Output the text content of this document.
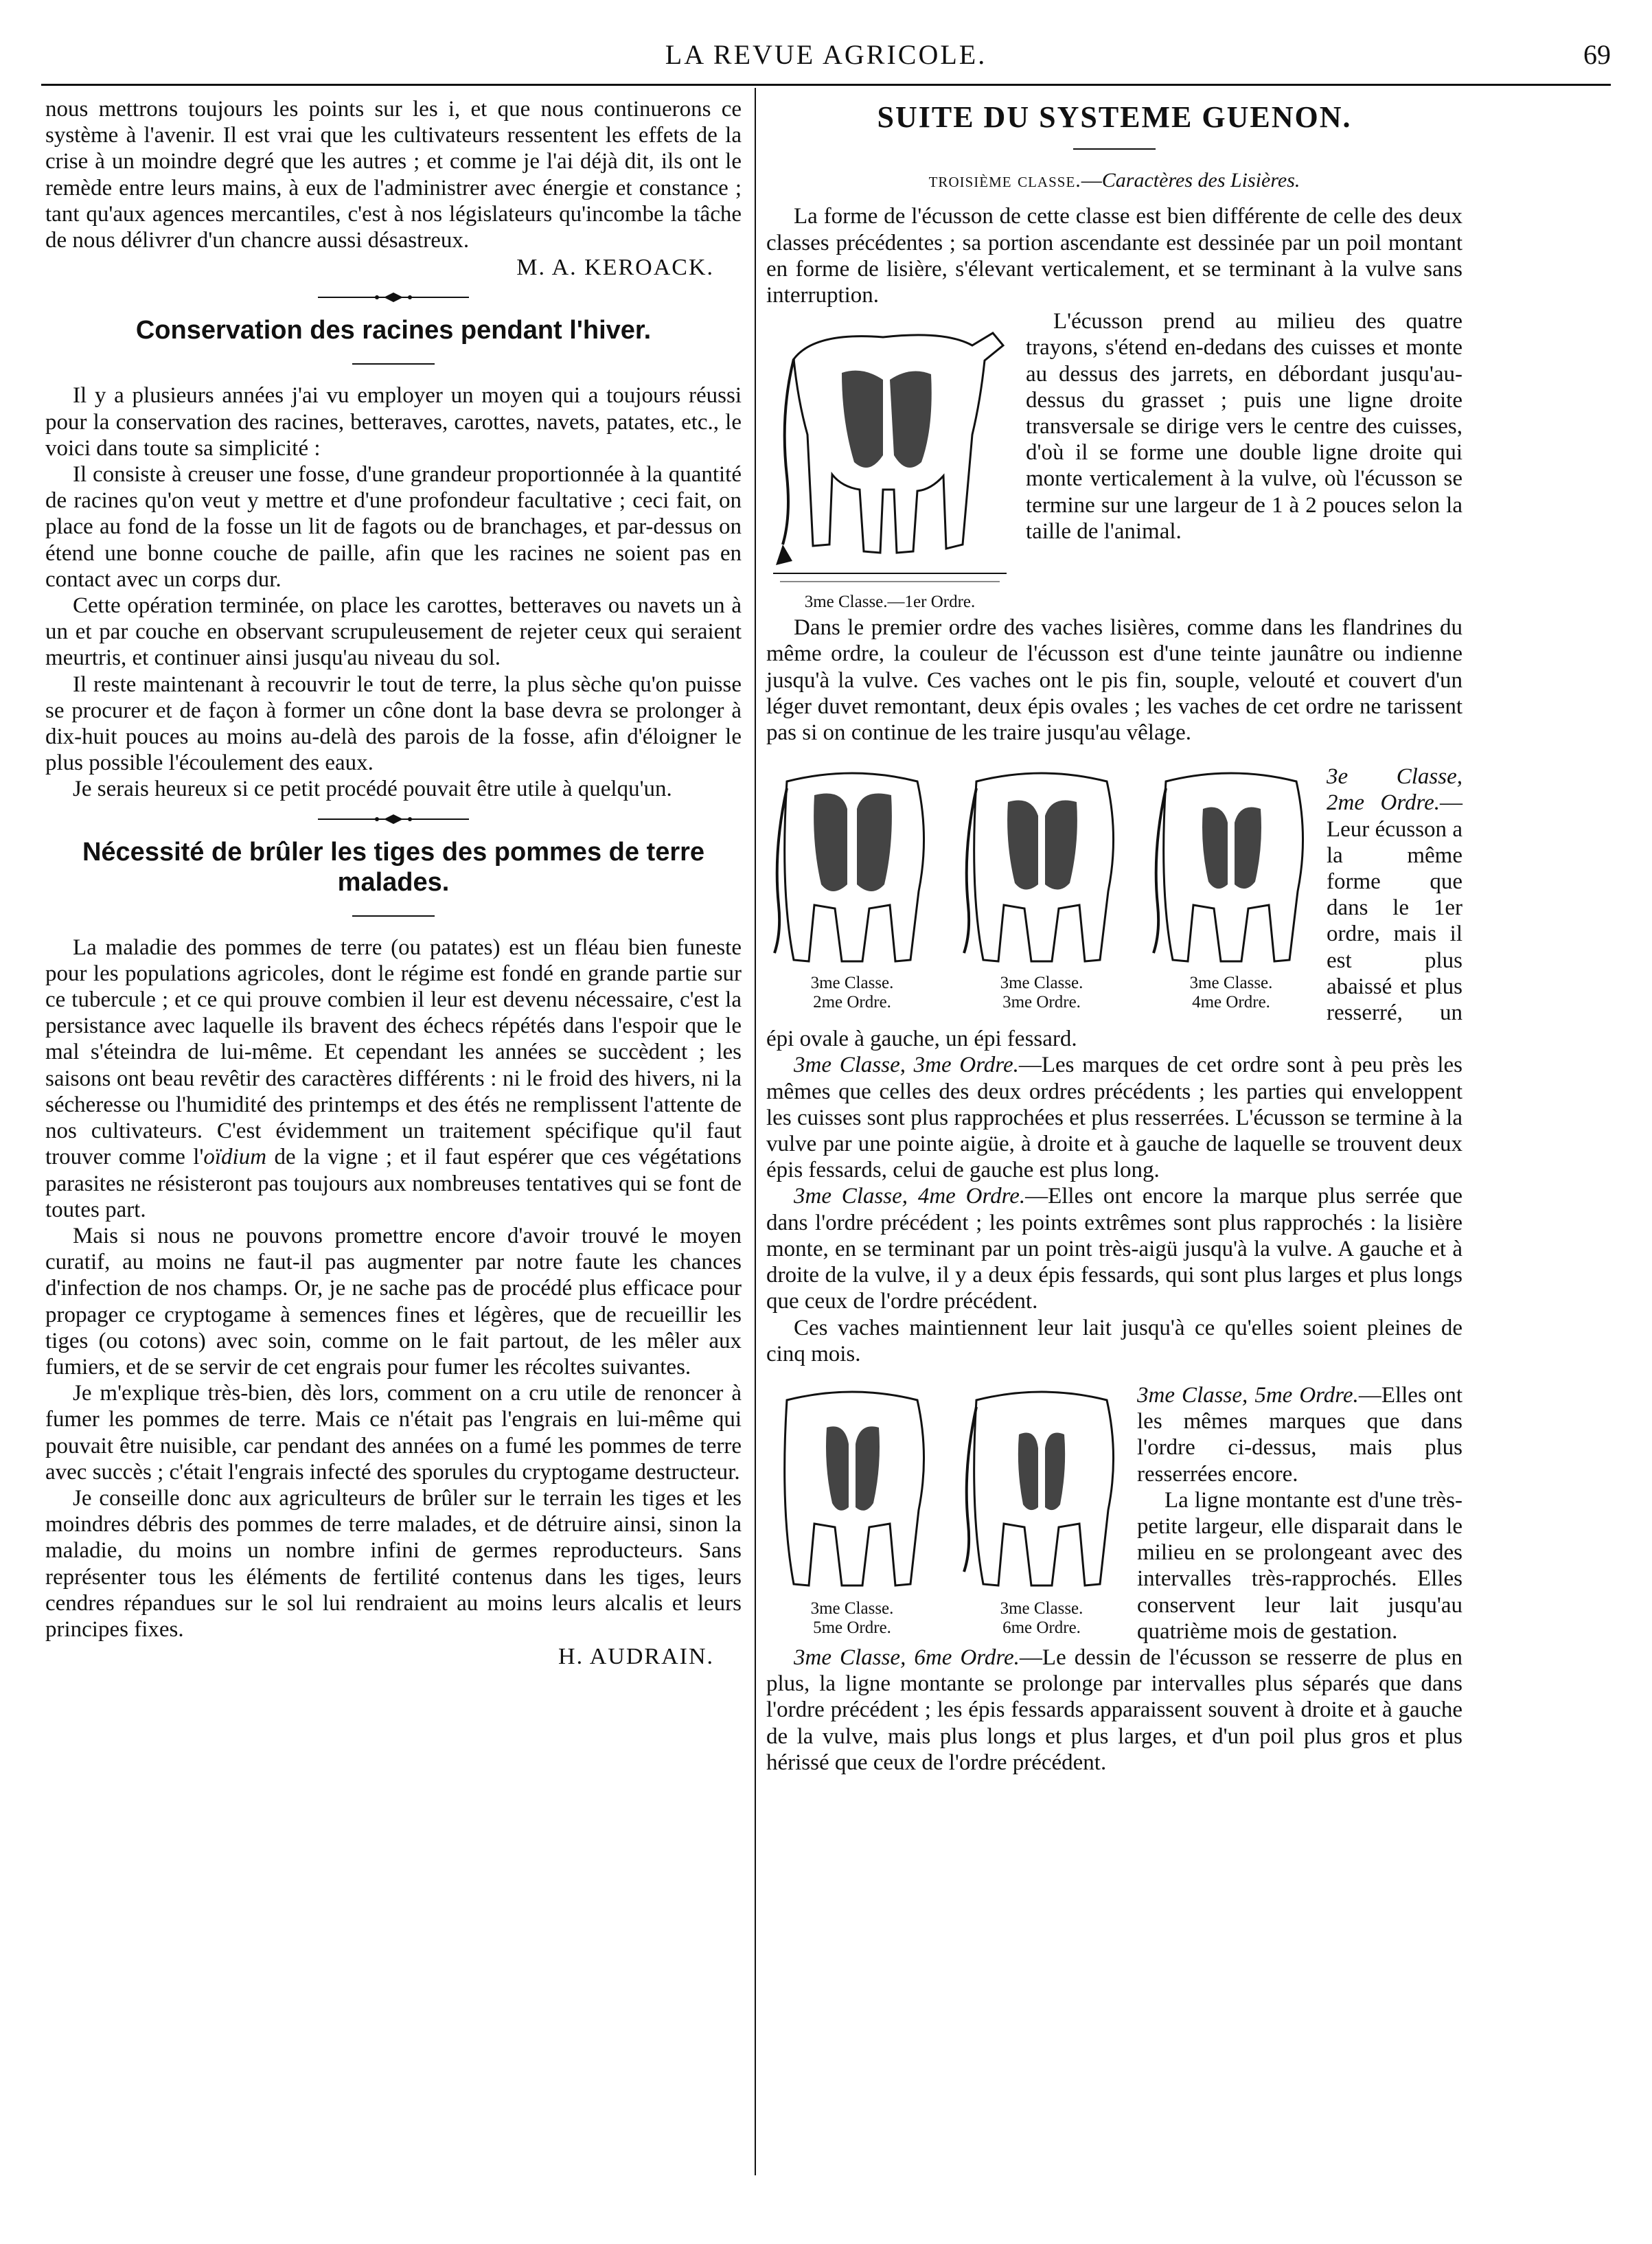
LA REVUE AGRICOLE.	69

nous mettrons toujours les points sur les i, et que nous continuerons ce système à l'avenir. Il est vrai que les cultivateurs ressentent les effets de la crise à un moindre degré que les autres ; et comme je l'ai déjà dit, ils ont le remède entre leurs mains, à eux de l'administrer avec énergie et constance ; tant qu'aux agences mercantiles, c'est à nos législateurs qu'incombe la tâche de nous délivrer d'un chancre aussi désastreux.

M. A. KEROACK.
Conservation des racines pendant l'hiver.

Il y a plusieurs années j'ai vu employer un moyen qui a toujours réussi pour la conservation des racines, betteraves, carottes, navets, patates, etc., le voici dans toute sa simplicité :

Il consiste à creuser une fosse, d'une grandeur proportionnée à la quantité de racines qu'on veut y mettre et d'une profondeur facultative ; ceci fait, on place au fond de la fosse un lit de fagots ou de branchages, et par-dessus on étend une bonne couche de paille, afin que les racines ne soient pas en contact avec un corps dur.

Cette opération terminée, on place les carottes, betteraves ou navets un à un et par couche en observant scrupuleusement de rejeter ceux qui seraient meurtris, et continuer ainsi jusqu'au niveau du sol.

Il reste maintenant à recouvrir le tout de terre, la plus sèche qu'on puisse se procurer et de façon à former un cône dont la base devra se prolonger à dix-huit pouces au moins au-delà des parois de la fosse, afin d'éloigner le plus possible l'écoulement des eaux.

Je serais heureux si ce petit procédé pouvait être utile à quelqu'un.

Nécessité de brûler les tiges des pommes de terre malades.

La maladie des pommes de terre (ou patates) est un fléau bien funeste pour les populations agricoles, dont le régime est fondé en grande partie sur ce tubercule ; et ce qui prouve combien il leur est devenu nécessaire, c'est la persistance avec laquelle ils bravent des échecs répétés dans l'espoir que le mal s'éteindra de lui-même. Et cependant les années se succèdent ; les saisons ont beau revêtir des caractères différents : ni le froid des hivers, ni la sécheresse ou l'humidité des printemps et des étés ne remplissent l'attente de nos cultivateurs. C'est évidemment un traitement spécifique qu'il faut trouver comme l'oïdium de la vigne ; et il faut espérer que ces végétations parasites ne résisteront pas toujours aux nombreuses tentatives qui se font de toutes part.

Mais si nous ne pouvons promettre encore d'avoir trouvé le moyen curatif, au moins ne faut-il pas augmenter par notre faute les chances d'infection de nos champs. Or, je ne sache pas de procédé plus efficace pour propager ce cryptogame à semences fines et légères, que de recueillir les tiges (ou cotons) avec soin, comme on le fait partout, de les mêler aux fumiers, et de se servir de cet engrais pour fumer les récoltes suivantes.

Je m'explique très-bien, dès lors, comment on a cru utile de renoncer à fumer les pommes de terre. Mais ce n'était pas l'engrais en lui-même qui pouvait être nuisible, car pendant des années on a fumé les pommes de terre avec succès ; c'était l'engrais infecté des sporules du cryptogame destructeur.

Je conseille donc aux agriculteurs de brûler sur le terrain les tiges et les moindres débris des pommes de terre malades, et de détruire ainsi, sinon la maladie, du moins un nombre infini de germes reproducteurs. Sans représenter tous les éléments de fertilité contenus dans les tiges, leurs cendres répandues sur le sol lui rendraient au moins leurs alcalis et leurs principes fixes.

H. AUDRAIN.
SUITE DU SYSTEME GUENON.
troisième classe.—Caractères des Lisières.

La forme de l'écusson de cette classe est bien différente de celle des deux classes précédentes ; sa portion ascendante est dessinée par un poil montant en forme de lisière, s'élevant verticalement, et se terminant à la vulve sans interruption.

3me Classe.—1er Ordre.

L'écusson prend au milieu des quatre trayons, s'étend en-dedans des cuisses et monte au dessus des jarrets, en débordant jusqu'au-dessus du grasset ; puis une ligne droite transversale se dirige vers le centre des cuisses, d'où il se forme une double ligne droite qui monte verticalement à la vulve, où l'écusson se termine sur une largeur de 1 à 2 pouces selon la taille de l'animal.

Dans le premier ordre des vaches lisières, comme dans les flandrines du même ordre, la couleur de l'écusson est d'une teinte jaunâtre ou indienne jusqu'à la vulve. Ces vaches ont le pis fin, souple, velouté et couvert d'un léger duvet remontant, deux épis ovales ; les vaches de cet ordre ne tarissent pas si on continue de les traire jusqu'au vêlage.

3me Classe.
2me Ordre.
3me Classe.
3me Ordre.
3me Classe.
4me Ordre.

3e Classe, 2me Ordre.— Leur écusson a la même forme que dans le 1er ordre, mais il est plus abaissé et plus resserré, un épi ovale à gauche, un épi fessard.

3me Classe, 3me Ordre.—Les marques de cet ordre sont à peu près les mêmes que celles des deux ordres précédents ; les parties qui enveloppent les cuisses sont plus rapprochées et plus resserrées. L'écusson se termine à la vulve par une pointe aigüe, à droite et à gauche de laquelle se trouvent deux épis fessards, celui de gauche est plus long.

3me Classe, 4me Ordre.—Elles ont encore la marque plus serrée que dans l'ordre précédent ; les points extrêmes sont plus rapprochés : la lisière monte, en se terminant par un point très-aigü jusqu'à la vulve. A gauche et à droite de la vulve, il y a deux épis fessards, qui sont plus larges et plus longs que ceux de l'ordre précédent.

Ces vaches maintiennent leur lait jusqu'à ce qu'elles soient pleines de cinq mois.

3me Classe.
5me Ordre.
3me Classe.
6me Ordre.

3me Classe, 5me Ordre.—Elles ont les mêmes marques que dans l'ordre ci-dessus, mais plus resserrées encore.

La ligne montante est d'une très-petite largeur, elle disparait dans le milieu en se prolongeant avec des intervalles très-rapprochés. Elles conservent leur lait jusqu'au quatrième mois de gestation.

3me Classe, 6me Ordre.—Le dessin de l'écusson se resserre de plus en plus, la ligne montante se prolonge par intervalles plus séparés que dans l'ordre précédent ; les épis fessards apparaissent souvent à droite et à gauche de la vulve, mais plus longs et plus larges, et d'un poil plus gros et plus hérissé que ceux de l'ordre précédent.
